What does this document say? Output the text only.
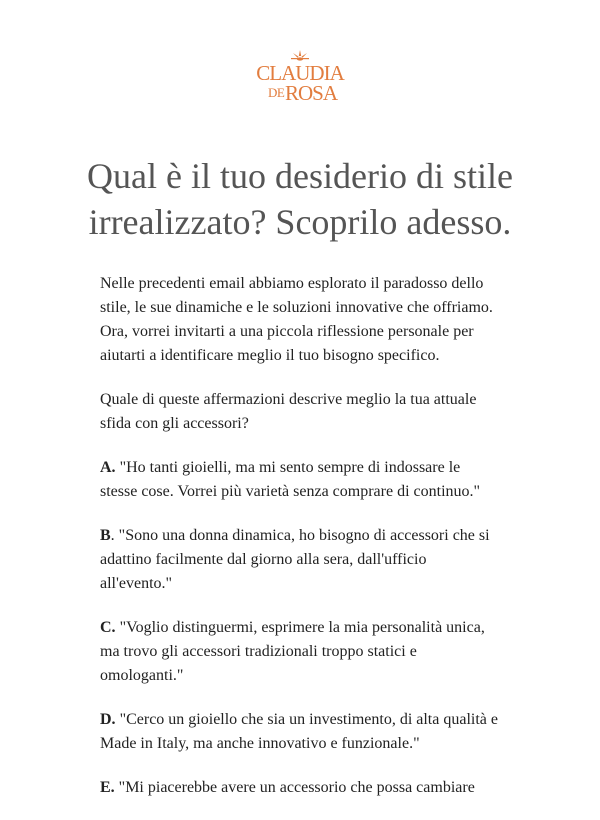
CLAUDIA
DE ROSA
Qual è il tuo desiderio di stile irrealizzato? Scoprilo adesso.

Nelle precedenti email abbiamo esplorato il paradosso dello stile, le sue dinamiche e le soluzioni innovative che offriamo. Ora, vorrei invitarti a una piccola riflessione personale per aiutarti a identificare meglio il tuo bisogno specifico.

Quale di queste affermazioni descrive meglio la tua attuale sfida con gli accessori?

A. "Ho tanti gioielli, ma mi sento sempre di indossare le stesse cose. Vorrei più varietà senza comprare di continuo."

B. "Sono una donna dinamica, ho bisogno di accessori che si adattino facilmente dal giorno alla sera, dall'ufficio all'evento."

C. "Voglio distinguermi, esprimere la mia personalità unica, ma trovo gli accessori tradizionali troppo statici e omologanti."

D. "Cerco un gioiello che sia un investimento, di alta qualità e Made in Italy, ma anche innovativo e funzionale."

E. "Mi piacerebbe avere un accessorio che possa cambiare
